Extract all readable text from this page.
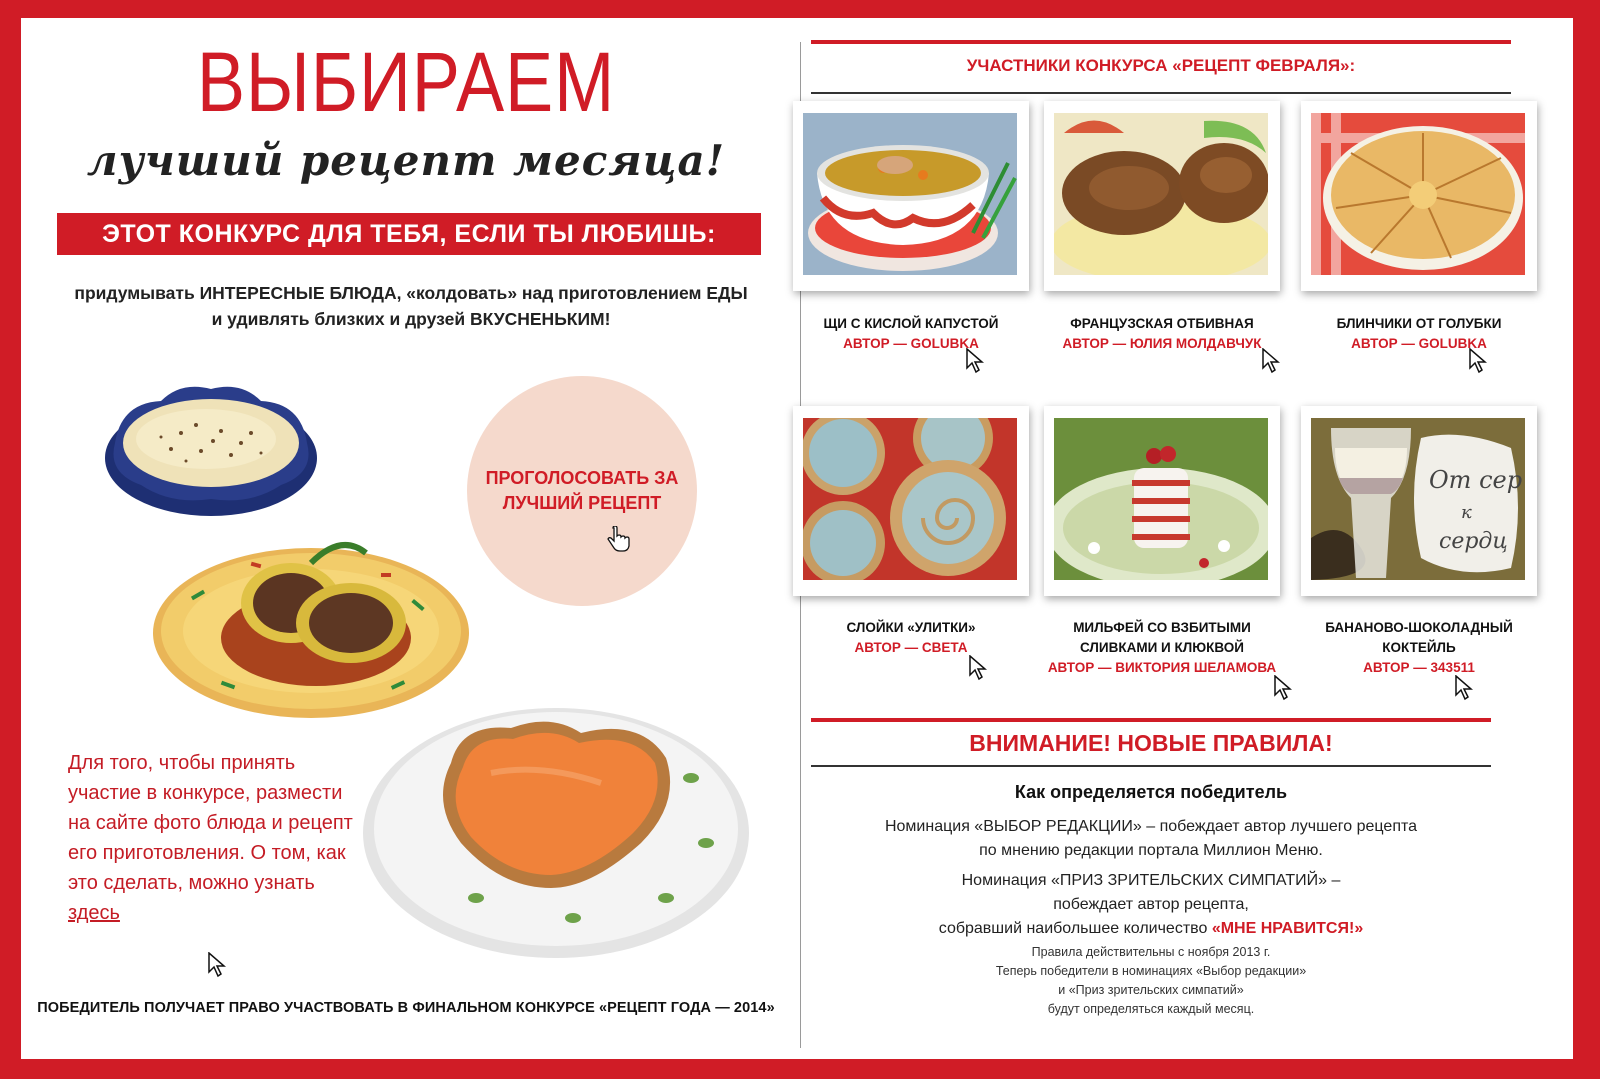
ВЫБИРАЕМ
лучший рецепт месяца!
ЭТОТ КОНКУРС ДЛЯ ТЕБЯ, ЕСЛИ ТЫ ЛЮБИШЬ:
придумывать ИНТЕРЕСНЫЕ БЛЮДА, «колдовать» над приготовлением ЕДЫ
и удивлять близких и друзей ВКУСНЕНЬКИМ!
ПРОГОЛОСОВАТЬ ЗА ЛУЧШИЙ РЕЦЕПТ
Для того, чтобы принять участие в конкурсе, размести на сайте фото блюда и рецепт его приготовления. О том, как это сделать, можно узнать здесь
ПОБЕДИТЕЛЬ ПОЛУЧАЕТ ПРАВО УЧАСТВОВАТЬ В ФИНАЛЬНОМ КОНКУРСЕ «РЕЦЕПТ ГОДА — 2014»
УЧАСТНИКИ КОНКУРСА «РЕЦЕПТ ФЕВРАЛЯ»:
ЩИ С КИСЛОЙ КАПУСТОЙ
АВТОР — GOLUBKA
ФРАНЦУЗСКАЯ ОТБИВНАЯ
АВТОР — ЮЛИЯ МОЛДАВЧУК
БЛИНЧИКИ ОТ ГОЛУБКИ
АВТОР — GOLUBKA
От сер
к
сердц
СЛОЙКИ «УЛИТКИ»
АВТОР — СВЕТА
МИЛЬФЕЙ СО ВЗБИТЫМИ
СЛИВКАМИ И КЛЮКВОЙ
АВТОР — ВИКТОРИЯ ШЕЛАМОВА
БАНАНОВО-ШОКОЛАДНЫЙ
КОКТЕЙЛЬ
АВТОР — 343511
ВНИМАНИЕ! НОВЫЕ ПРАВИЛА!
Как определяется победитель
Номинация «ВЫБОР РЕДАКЦИИ» – побеждает автор лучшего рецепта
по мнению редакции портала Миллион Меню.
Номинация «ПРИЗ ЗРИТЕЛЬСКИХ СИМПАТИЙ» –
побеждает автор рецепта,
собравший наибольшее количество «МНЕ НРАВИТСЯ!»
Правила действительны с ноября 2013 г.
Теперь победители в номинациях «Выбор редакции»
и «Приз зрительских симпатий»
будут определяться каждый месяц.
